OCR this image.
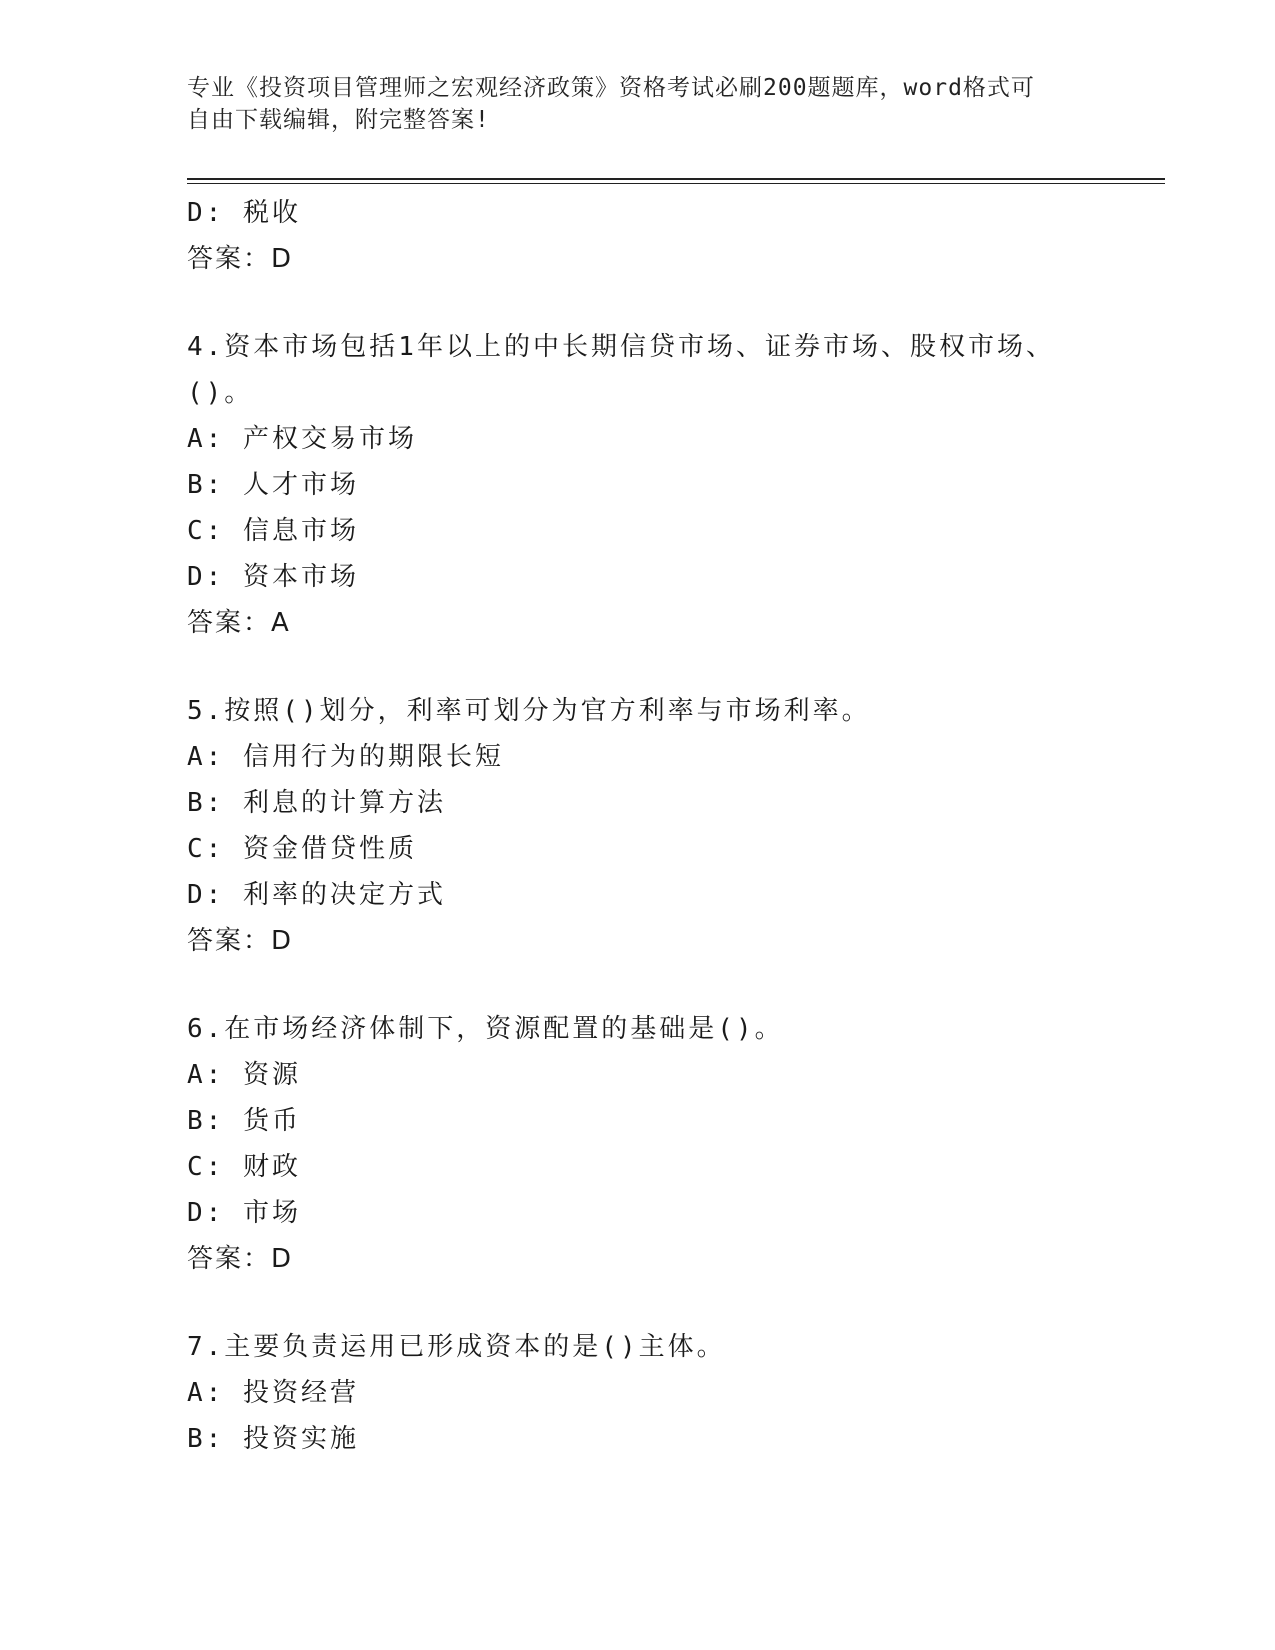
专业《投资项目管理师之宏观经济政策》资格考试必刷200题题库，word格式可
自由下载编辑，附完整答案!
D: 税收
答案：D
4.资本市场包括1年以上的中长期信贷市场、证券市场、股权市场、
()。
A: 产权交易市场
B: 人才市场
C: 信息市场
D: 资本市场
答案：A
5.按照()划分，利率可划分为官方利率与市场利率。
A: 信用行为的期限长短
B: 利息的计算方法
C: 资金借贷性质
D: 利率的决定方式
答案：D
6.在市场经济体制下，资源配置的基础是()。
A: 资源
B: 货币
C: 财政
D: 市场
答案：D
7.主要负责运用已形成资本的是()主体。
A: 投资经营
B: 投资实施
